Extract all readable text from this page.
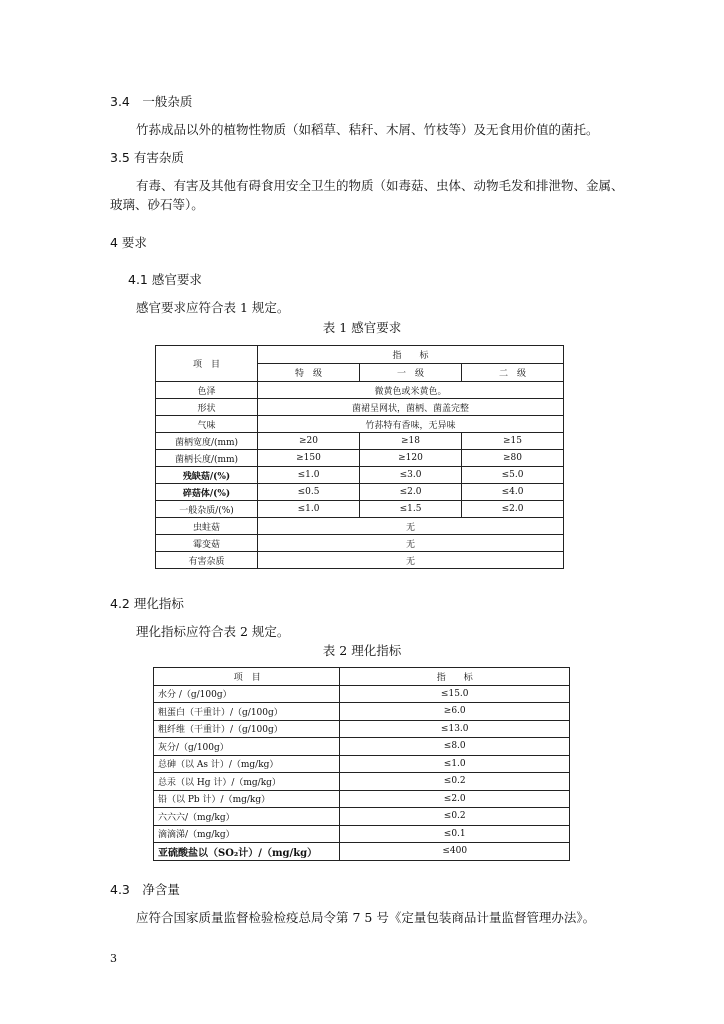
3.4　一般杂质
竹荪成品以外的植物性物质（如稻草、秸秆、木屑、竹枝等）及无食用价值的菌托。
3.5 有害杂质
有毒、有害及其他有碍食用安全卫生的物质（如毒菇、虫体、动物毛发和排泄物、金属、
玻璃、砂石等）。
4 要求
4.1 感官要求
感官要求应符合表 1 规定。
表 1 感官要求
项　目	指　　标		
	特　级	一　级	二　级
色泽	微黄色或米黄色。		
形状	菌裙呈网状，菌柄、菌盖完整		
气味	竹荪特有香味，无异味		
菌柄宽度/(mm)	≥20	≥18	≥15
菌柄长度/(mm)	≥150	≥120	≥80
残缺菇/(%)	≤1.0	≤3.0	≤5.0
碎菇体/(%)	≤0.5	≤2.0	≤4.0
一般杂质/(%)	≤1.0	≤1.5	≤2.0
虫蛀菇	无		
霉变菇	无		
有害杂质	无		
4.2 理化指标
理化指标应符合表 2 规定。
表 2 理化指标
项　目	指　　标
水分 /（g/100g）	≤15.0
粗蛋白（干重计）/（g/100g）	≥6.0
粗纤维（干重计）/（g/100g）	≤13.0
灰分/（g/100g）	≤8.0
总砷（以 As 计）/（mg/kg）	≤1.0
总汞（以 Hg 计）/（mg/kg）	≤0.2
铅（以 Pb 计）/（mg/kg）	≤2.0
六六六/（mg/kg）	≤0.2
滴滴涕/（mg/kg）	≤0.1
亚硫酸盐以（SO₂计）/（mg/kg）	≤400
4.3　净含量
应符合国家质量监督检验检疫总局令第 7 5 号《定量包装商品计量监督管理办法》。
3
